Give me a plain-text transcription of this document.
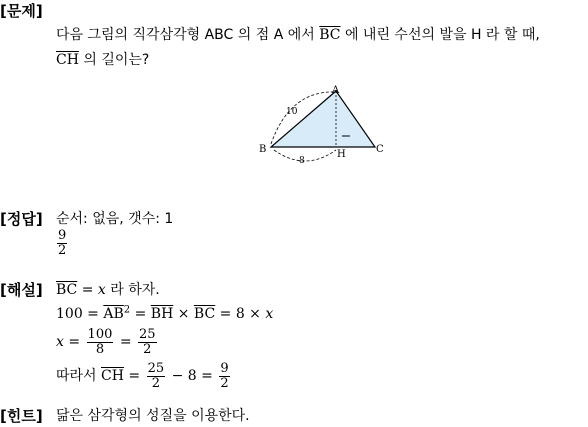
[문제]
다음 그림의 직각삼각형 ABC 의 점 A 에서 $\overline{BC}$ 에 내린 수선의 발을 H 라 할 때,
$\overline{CH}$ 의 길이는?
A
B	C
H
10
8
[정답] 순서: 없음, 갯수: 1
$\frac{9}{2}$
[해설] $\overline{BC} = x$ 라 하자.
$100 = \overline{AB}^2 = \overline{BH} \times \overline{BC} = 8 \times x$
$x = \frac{100}{8} = \frac{25}{2}$
따라서 $\overline{CH} = \frac{25}{2} - 8 = \frac{9}{2}$
[힌트] 닮은 삼각형의 성질을 이용한다.
